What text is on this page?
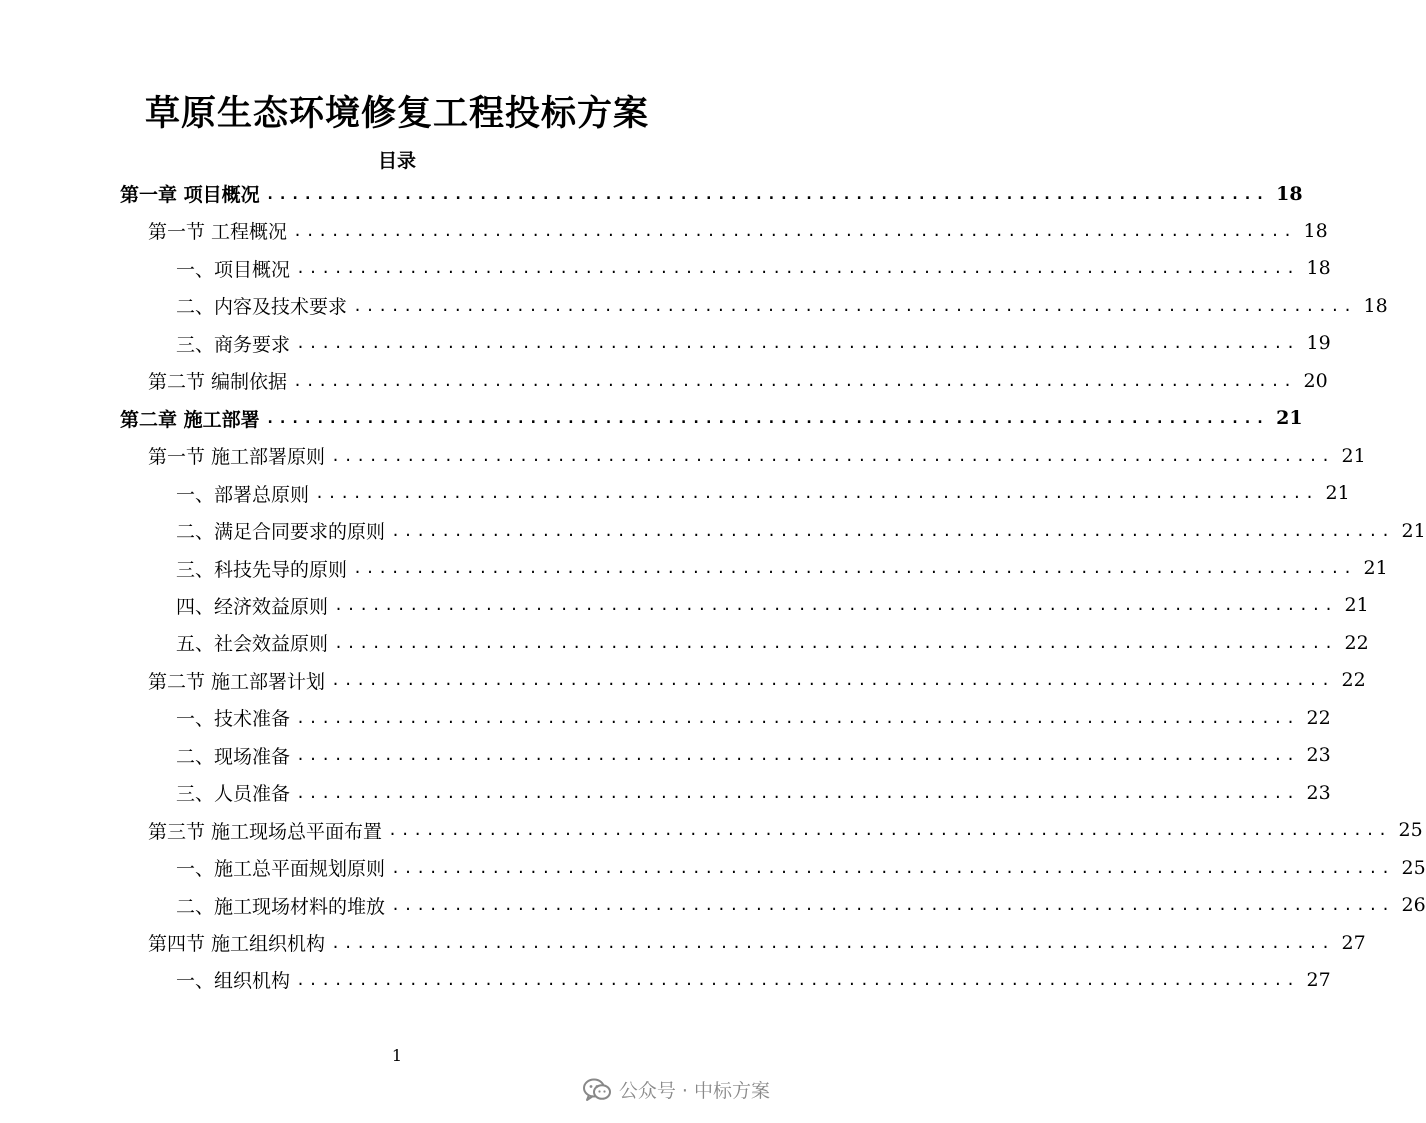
草原生态环境修复工程投标方案
目录
第一章 项目概况 ................................................................................ 18
第一节 工程概况 ................................................................................ 18
一、项目概况 ................................................................................ 18
二、内容及技术要求 ................................................................................ 18
三、商务要求 ................................................................................ 19
第二节 编制依据 ................................................................................ 20
第二章 施工部署 ................................................................................ 21
第一节 施工部署原则 ................................................................................ 21
一、部署总原则 ................................................................................ 21
二、满足合同要求的原则 ................................................................................ 21
三、科技先导的原则 ................................................................................ 21
四、经济效益原则 ................................................................................ 21
五、社会效益原则 ................................................................................ 22
第二节 施工部署计划 ................................................................................ 22
一、技术准备 ................................................................................ 22
二、现场准备 ................................................................................ 23
三、人员准备 ................................................................................ 23
第三节 施工现场总平面布置 ................................................................................ 25
一、施工总平面规划原则 ................................................................................ 25
二、施工现场材料的堆放 ................................................................................ 26
第四节 施工组织机构 ................................................................................ 27
一、组织机构 ................................................................................ 27
1
公众号 · 中标方案
